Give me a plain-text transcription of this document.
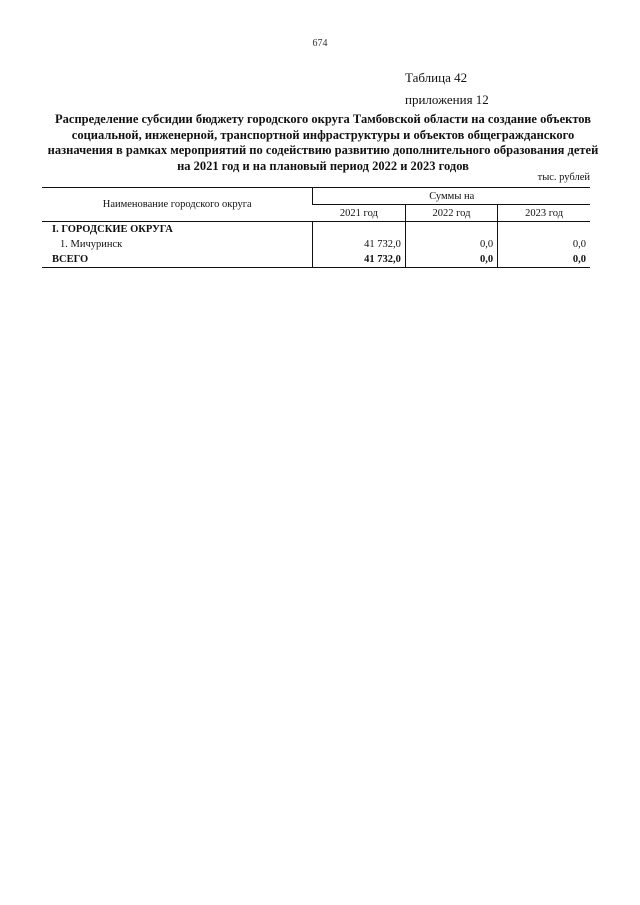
674
Таблица 42
приложения 12
Распределение субсидии бюджету городского округа Тамбовской области на создание объектов социальной, инженерной, транспортной инфраструктуры и объектов общегражданского назначения в рамках мероприятий по содействию развитию дополнительного образования детей на 2021 год и на плановый период 2022 и 2023 годов
тыс. рублей
Наименование городского округа	Суммы на		
	2021 год	2022 год	2023 год
I. ГОРОДСКИЕ ОКРУГА			
1. Мичуринск	41 732,0	0,0	0,0
ВСЕГО	41 732,0	0,0	0,0
